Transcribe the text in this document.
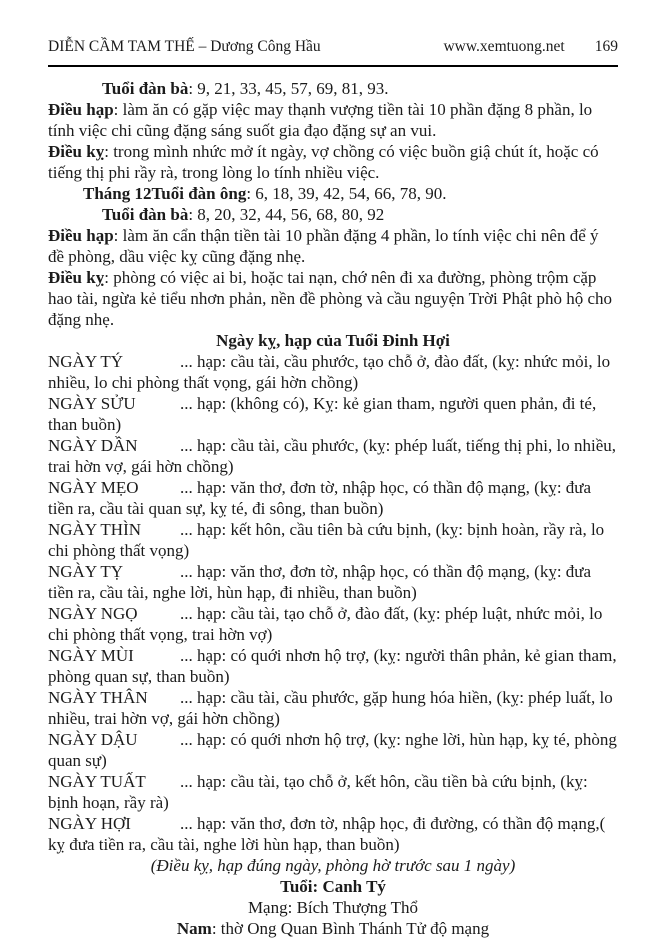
DIỄN CẦM TAM THẾ – Dương Công Hầu	www.xemtuong.net 169

Tuổi đàn bà: 9, 21, 33, 45, 57, 69, 81, 93.

Điều hạp: làm ăn có gặp việc may thạnh vượng tiền tài 10 phần đặng 8 phần, lo tính việc chi cũng đặng sáng suốt gia đạo đặng sự an vui.

Điều kỵ: trong mình nhức mở ít ngày, vợ chồng có việc buồn giậ chút ít, hoặc có tiếng thị phi rầy rà, trong lòng lo tính nhiều việc.

Tháng 12Tuổi đàn ông: 6, 18, 39, 42, 54, 66, 78, 90.

Tuổi đàn bà: 8, 20, 32, 44, 56, 68, 80, 92

Điều hạp: làm ăn cẩn thận tiền tài 10 phần đặng 4 phần, lo tính việc chi nên để ý đề phòng, dầu việc kỵ cũng đặng nhẹ.

Điều kỵ: phòng có việc ai bi, hoặc tai nạn, chớ nên đi xa đường, phòng trộm cặp hao tài, ngừa kẻ tiểu nhơn phản, nền đề phòng và cầu nguyện Trời Phật phò hộ cho đặng nhẹ.

Ngày kỵ, hạp của Tuổi Đinh Hợi

NGÀY TÝ	... hạp: cầu tài, cầu phước, tạo chỗ ở, đào đất, (kỵ: nhức mỏi, lo nhiều, lo chi phòng thất vọng, gái hờn chồng)

NGÀY SỬU	... hạp: (không có), Kỵ: kẻ gian tham, người quen phản, đi té, than buồn)

NGÀY DẦN ... hạp: cầu tài, cầu phước, (kỵ: phép luất, tiếng thị phi, lo nhiều, trai hờn vợ, gái hờn chồng)

NGÀY MẸO ... hạp: văn thơ, đơn tờ, nhập học, có thần độ mạng, (kỵ: đưa tiền ra, cầu tài quan sự, kỵ té, đi sông, than buồn)

NGÀY THÌN ... hạp: kết hôn, cầu tiên bà cứu bịnh, (kỵ: bịnh hoàn, rầy rà, lo chi phòng thất vọng)

NGÀY TỴ	... hạp: văn thơ, đơn tờ, nhập học, có thần độ mạng, (kỵ: đưa tiền ra, cầu tài, nghe lời, hùn hạp, đi nhiều, than buồn)

NGÀY NGỌ ... hạp: cầu tài, tạo chỗ ở, đào đất, (kỵ: phép luật, nhức mỏi, lo chi phòng thất vọng, trai hờn vợ)

NGÀY MÙI	... hạp: có quới nhơn hộ trợ, (kỵ: người thân phản, kẻ gian tham, phòng quan sự, than buồn)

NGÀY THÂN ... hạp: cầu tài, cầu phước, gặp hung hóa hiền, (kỵ: phép luất, lo nhiều, trai hờn vợ, gái hờn chồng)

NGÀY DẬU ... hạp: có quới nhơn hộ trợ, (kỵ: nghe lời, hùn hạp, kỵ té, phòng quan sự)

NGÀY TUẤT ... hạp: cầu tài, tạo chỗ ở, kết hôn, cầu tiền bà cứu bịnh, (kỵ: bịnh hoạn, rầy rà)

NGÀY HỢI	... hạp: văn thơ, đơn tờ, nhập học, đi đường, có thần độ mạng,( kỵ đưa tiền ra, cầu tài, nghe lời hùn hạp, than buồn)

(Điều kỵ, hạp đúng ngày, phòng hờ trước sau 1 ngày)

Tuổi: Canh Tý

Mạng: Bích Thượng Thổ

Nam: thờ Ong Quan Bình Thánh Tử độ mạng
